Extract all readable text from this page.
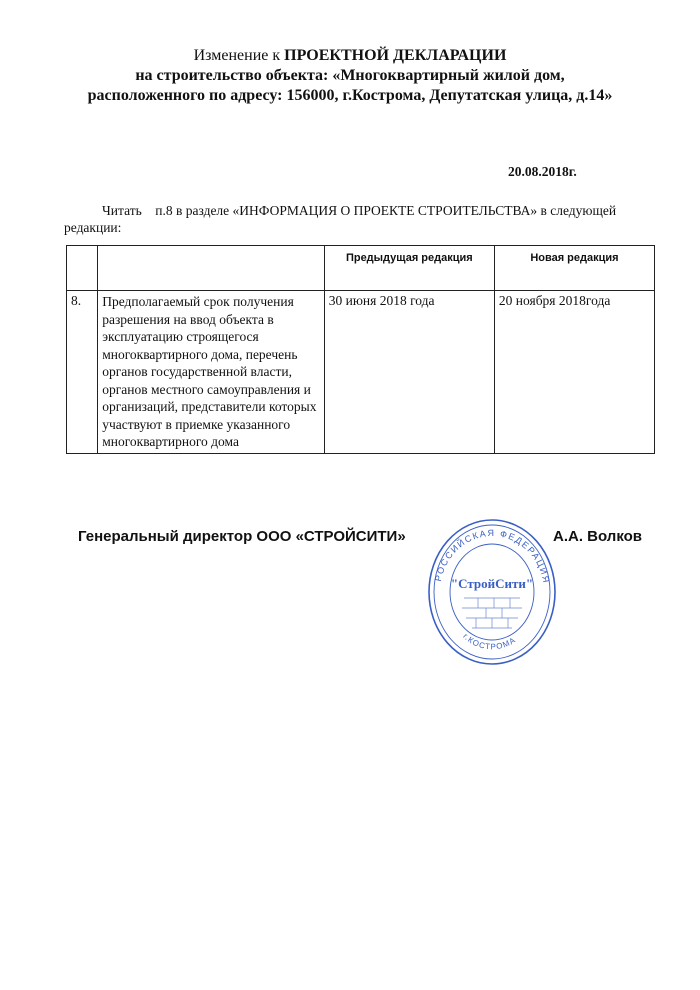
Изменение к ПРОЕКТНОЙ ДЕКЛАРАЦИИ
на строительство объекта: «Многоквартирный жилой дом,
расположенного по адресу: 156000, г.Кострома, Депутатская улица, д.14»
20.08.2018г.
Читать п.8 в разделе «ИНФОРМАЦИЯ О ПРОЕКТЕ СТРОИТЕЛЬСТВА» в следующей редакции:
		Предыдущая редакция	Новая редакция
8.	Предполагаемый срок получения разрешения на ввод объекта в эксплуатацию строящегося многоквартирного дома, перечень органов государственной власти, органов местного самоуправления и организаций, представители которых участвуют в приемке указанного многоквартирного дома	30 июня 2018 года	20 ноября 2018года
Генеральный директор ООО «СТРОЙСИТИ»	А.А. Волков
РОССИЙСКАЯ ФЕДЕРАЦИЯ
"СтройСити"
г.КОСТРОМА
